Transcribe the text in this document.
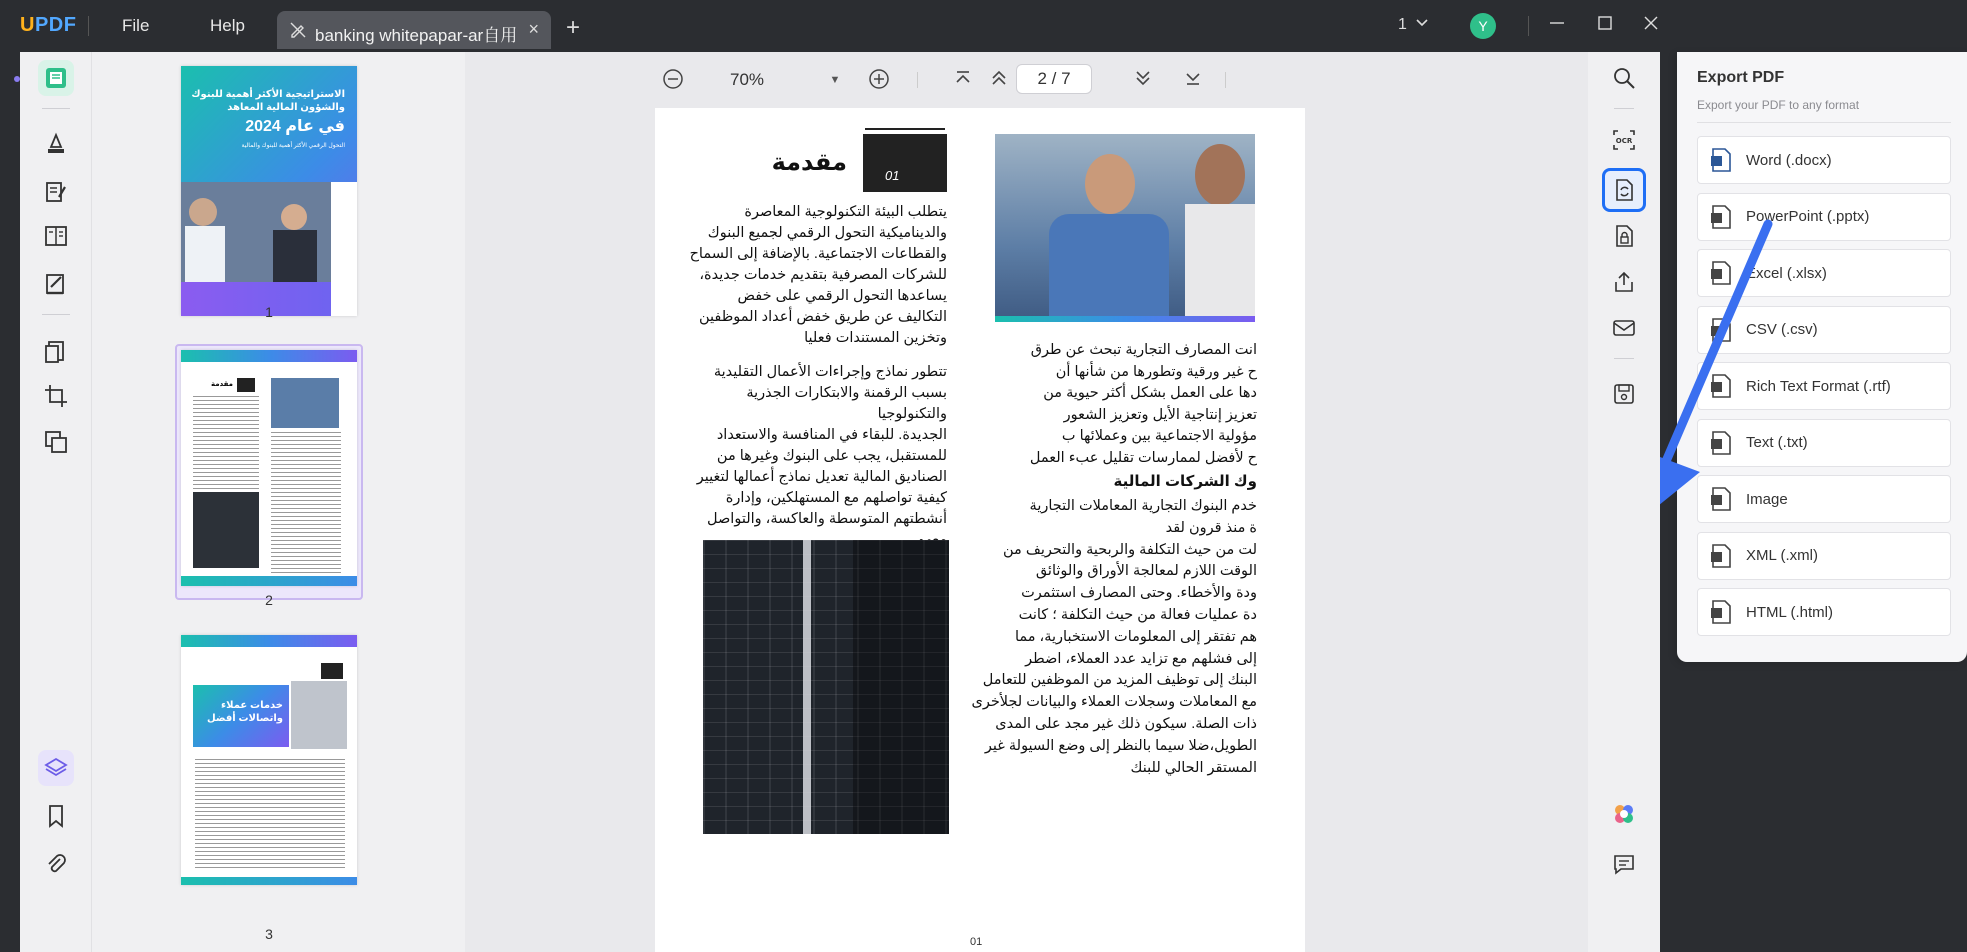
UPDF	File	Help
banking whitepapar-ar自用 × +	1	Y
الاستراتيجية الأكثر أهمية للبنوك
والشؤون المالية المعاهد
في عام 2024
التحول الرقمي الأكثر أهمية للبنوك والمالية
1
مقدمة
2
خدمات عملاء
واتصالات أفضل
3
70%	▼	2 / 7
01
مقدمة
يتطلب البيئة التكنولوجية المعاصرة
والديناميكية التحول الرقمي لجميع البنوك
والقطاعات الاجتماعية. بالإضافة إلى السماح
للشركات المصرفية بتقديم خدمات جديدة،
يساعدها التحول الرقمي على خفض
التكاليف عن طريق خفض أعداد الموظفين
وتخزين المستندات فعليا
تتطور نماذج وإجراءات الأعمال التقليدية
بسبب الرقمنة والابتكارات الجذرية والتكنولوجيا
الجديدة. للبقاء في المنافسة والاستعداد
للمستقبل، يجب على البنوك وغيرها من
الصناديق المالية تعديل نماذج أعمالها لتغيير
كيفية تواصلهم مع المستهلكين، وإدارة
أنشطتهم المتوسطة والعاكسة، والتواصل
انت المصارف التجارية تبحث عن طرق
ح غير ورقية وتطورها من شأنها أن
دها على العمل بشكل أكثر حيوية من
تعزيز إنتاجية الأيل وتعزيز الشعور
مؤولية الاجتماعية بين وعملائها ب
ح لأفضل لممارسات تقليل عبء العمل
وك الشركات المالية
خدم البنوك التجارية المعاملات التجارية
ة منذ قرون لقد
لت من حيث التكلفة والربحية والتحريف من
الوقت اللازم لمعالجة الأوراق والوثائق
ودة والأخطاء. وحتى المصارف استثمرت
دة عمليات فعالة من حيث التكلفة ؛ كانت
هم تفتقر إلى المعلومات الاستخبارية، مما
إلى فشلهم مع تزايد عدد العملاء، اضطر
البنك إلى توظيف المزيد من الموظفين للتعامل
مع المعاملات وسجلات العملاء والبيانات لجلأخرى
ذات الصلة. سيكون ذلك غير مجد على المدى
الطويل،ضلا سيما بالنظر إلى وضع السيولة غير
المستقر الحالي للبنك
01
Export PDF
Export your PDF to any format
Word (.docx)
PowerPoint (.pptx)
Excel (.xlsx)
CSV (.csv)
Rich Text Format (.rtf)
Text (.txt)
Image
XML (.xml)
HTML (.html)
OCR
